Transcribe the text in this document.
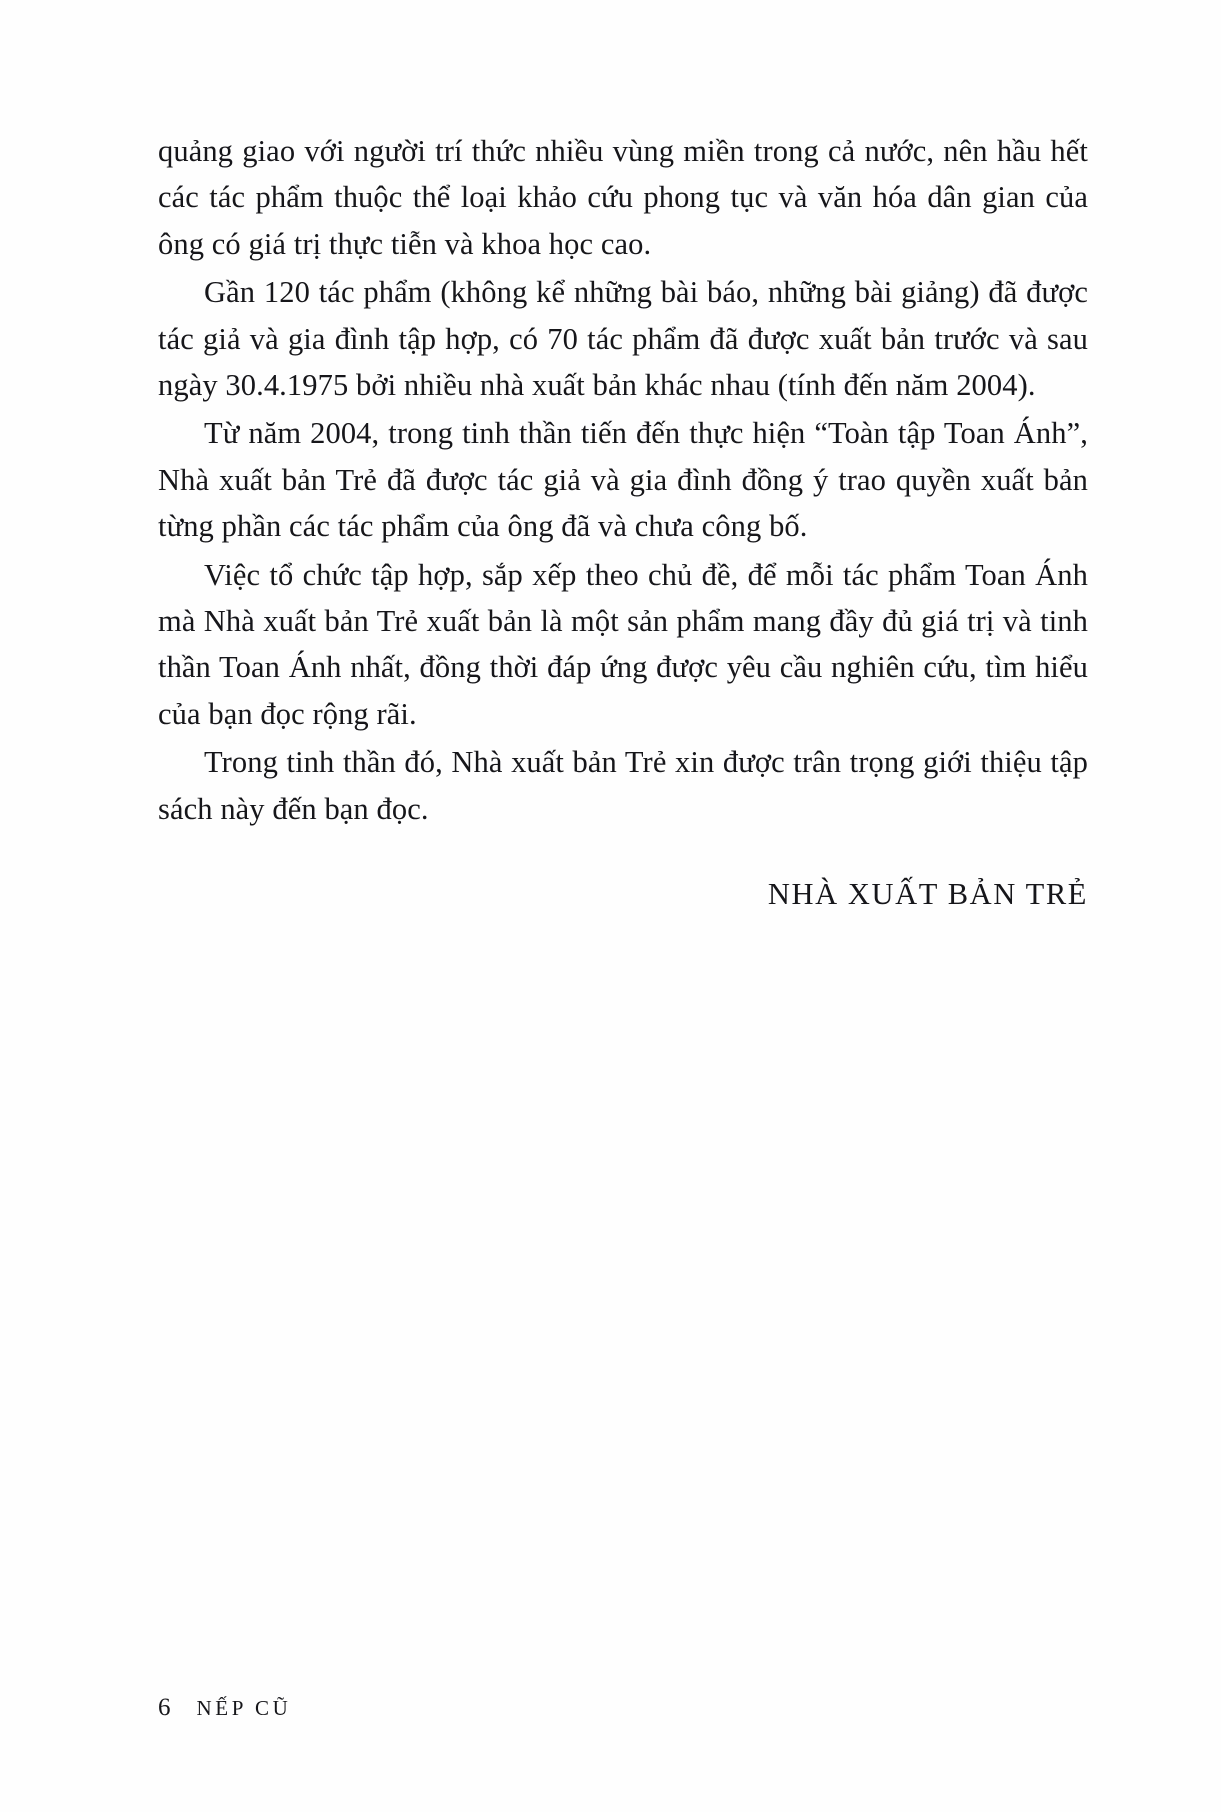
quảng giao với người trí thức nhiều vùng miền trong cả nước, nên hầu hết các tác phẩm thuộc thể loại khảo cứu phong tục và văn hóa dân gian của ông có giá trị thực tiễn và khoa học cao.

Gần 120 tác phẩm (không kể những bài báo, những bài giảng) đã được tác giả và gia đình tập hợp, có 70 tác phẩm đã được xuất bản trước và sau ngày 30.4.1975 bởi nhiều nhà xuất bản khác nhau (tính đến năm 2004).

Từ năm 2004, trong tinh thần tiến đến thực hiện “Toàn tập Toan Ánh”, Nhà xuất bản Trẻ đã được tác giả và gia đình đồng ý trao quyền xuất bản từng phần các tác phẩm của ông đã và chưa công bố.

Việc tổ chức tập hợp, sắp xếp theo chủ đề, để mỗi tác phẩm Toan Ánh mà Nhà xuất bản Trẻ xuất bản là một sản phẩm mang đầy đủ giá trị và tinh thần Toan Ánh nhất, đồng thời đáp ứng được yêu cầu nghiên cứu, tìm hiểu của bạn đọc rộng rãi.

Trong tinh thần đó, Nhà xuất bản Trẻ xin được trân trọng giới thiệu tập sách này đến bạn đọc.

NHÀ XUẤT BẢN TRẺ
6 NẾP CŨ
